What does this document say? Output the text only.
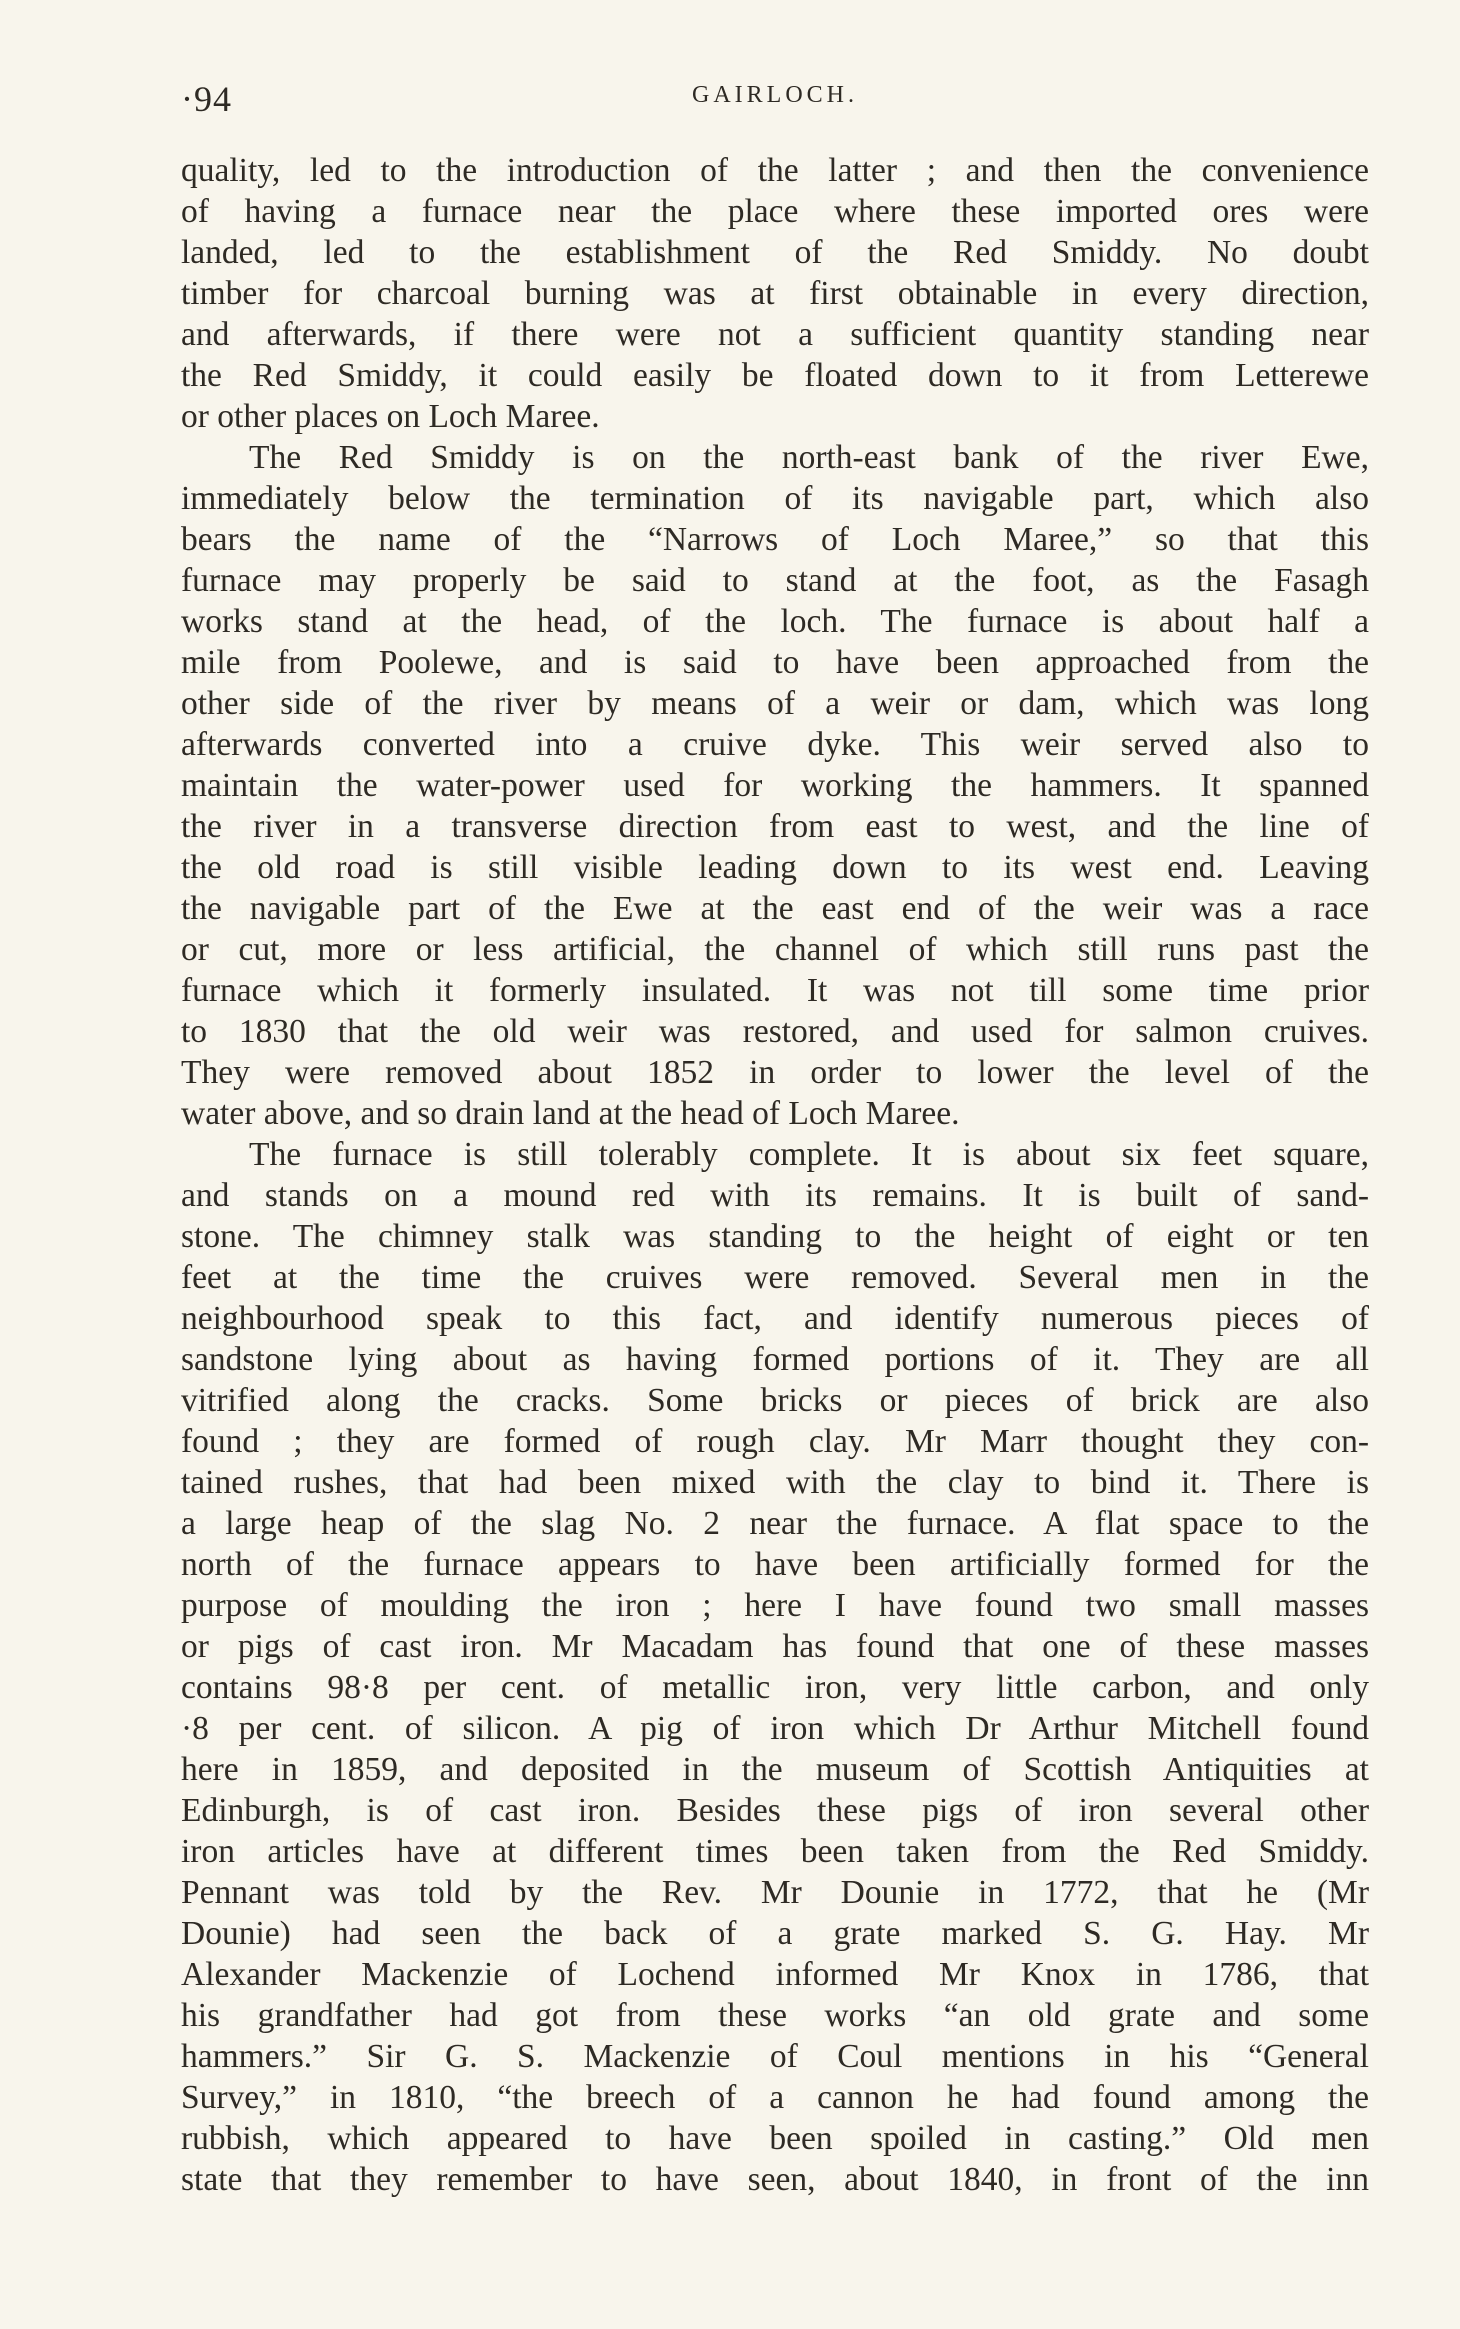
·94	GAIRLOCH.
quality, led to the introduction of the latter ; and then the convenience
of having a furnace near the place where these imported ores were
landed, led to the establishment of the Red Smiddy. No doubt
timber for charcoal burning was at first obtainable in every direction,
and afterwards, if there were not a sufficient quantity standing near
the Red Smiddy, it could easily be floated down to it from Letterewe
or other places on Loch Maree.
The Red Smiddy is on the north-east bank of the river Ewe,
immediately below the termination of its navigable part, which also
bears the name of the “Narrows of Loch Maree,” so that this
furnace may properly be said to stand at the foot, as the Fasagh
works stand at the head, of the loch. The furnace is about half a
mile from Poolewe, and is said to have been approached from the
other side of the river by means of a weir or dam, which was long
afterwards converted into a cruive dyke. This weir served also to
maintain the water-power used for working the hammers. It spanned
the river in a transverse direction from east to west, and the line of
the old road is still visible leading down to its west end. Leaving
the navigable part of the Ewe at the east end of the weir was a race
or cut, more or less artificial, the channel of which still runs past the
furnace which it formerly insulated. It was not till some time prior
to 1830 that the old weir was restored, and used for salmon cruives.
They were removed about 1852 in order to lower the level of the
water above, and so drain land at the head of Loch Maree.
The furnace is still tolerably complete. It is about six feet square,
and stands on a mound red with its remains. It is built of sand-
stone. The chimney stalk was standing to the height of eight or ten
feet at the time the cruives were removed. Several men in the
neighbourhood speak to this fact, and identify numerous pieces of
sandstone lying about as having formed portions of it. They are all
vitrified along the cracks. Some bricks or pieces of brick are also
found ; they are formed of rough clay. Mr Marr thought they con-
tained rushes, that had been mixed with the clay to bind it. There is
a large heap of the slag No. 2 near the furnace. A flat space to the
north of the furnace appears to have been artificially formed for the
purpose of moulding the iron ; here I have found two small masses
or pigs of cast iron. Mr Macadam has found that one of these masses
contains 98·8 per cent. of metallic iron, very little carbon, and only
·8 per cent. of silicon. A pig of iron which Dr Arthur Mitchell found
here in 1859, and deposited in the museum of Scottish Antiquities at
Edinburgh, is of cast iron. Besides these pigs of iron several other
iron articles have at different times been taken from the Red Smiddy.
Pennant was told by the Rev. Mr Dounie in 1772, that he (Mr
Dounie) had seen the back of a grate marked S. G. Hay. Mr
Alexander Mackenzie of Lochend informed Mr Knox in 1786, that
his grandfather had got from these works “an old grate and some
hammers.” Sir G. S. Mackenzie of Coul mentions in his “General
Survey,” in 1810, “the breech of a cannon he had found among the
rubbish, which appeared to have been spoiled in casting.” Old men
state that they remember to have seen, about 1840, in front of the inn
